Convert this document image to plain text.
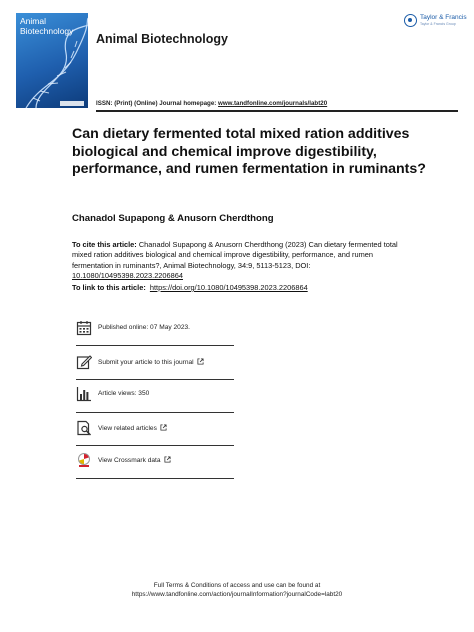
Animal
Biotechnology
Animal Biotechnology
Taylor & Francis
Taylor & Francis Group
ISSN: (Print) (Online) Journal homepage: www.tandfonline.com/journals/labt20
Can dietary fermented total mixed ration additives biological and chemical improve digestibility, performance, and rumen fermentation in ruminants?
Chanadol Supapong & Anusorn Cherdthong
To cite this article: Chanadol Supapong & Anusorn Cherdthong (2023) Can dietary fermented total mixed ration additives biological and chemical improve digestibility, performance, and rumen fermentation in ruminants?, Animal Biotechnology, 34:9, 5113-5123, DOI: 10.1080/10495398.2023.2206864
To link to this article: https://doi.org/10.1080/10495398.2023.2206864
Published online: 07 May 2023.
Submit your article to this journal
Article views: 350
View related articles
View Crossmark data
Full Terms & Conditions of access and use can be found at
https://www.tandfonline.com/action/journalInformation?journalCode=labt20
